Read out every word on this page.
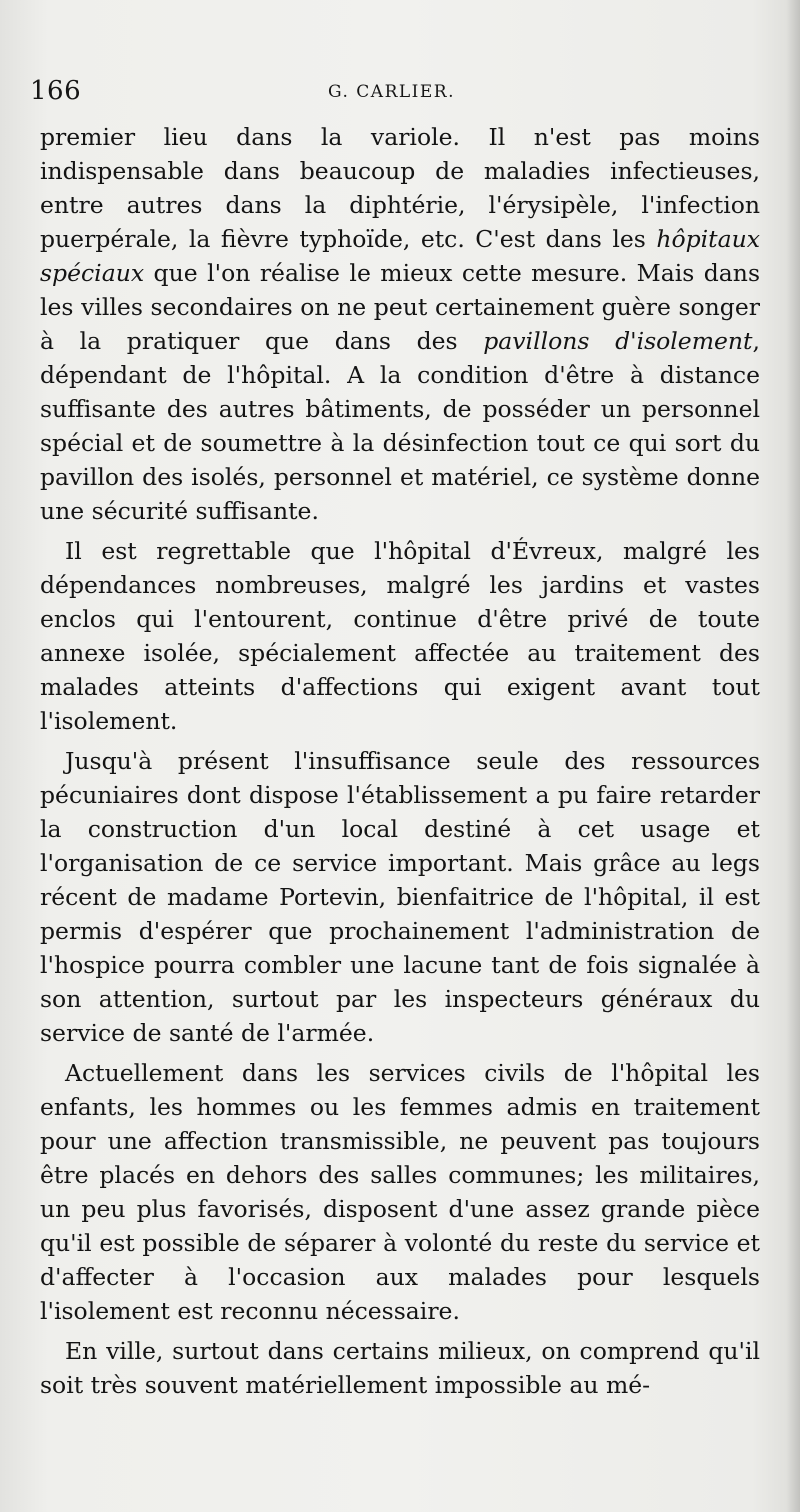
166	G. CARLIER.

premier lieu dans la variole. Il n'est pas moins indispensable dans beaucoup de maladies infectieuses, entre autres dans la diphtérie, l'érysipèle, l'infection puerpérale, la fièvre typhoïde, etc. C'est dans les hôpitaux spéciaux que l'on réalise le mieux cette mesure. Mais dans les villes secondaires on ne peut certainement guère songer à la pratiquer que dans des pavillons d'isolement, dépendant de l'hôpital. A la condition d'être à distance suffisante des autres bâtiments, de posséder un personnel spécial et de soumettre à la désinfection tout ce qui sort du pavillon des isolés, personnel et matériel, ce système donne une sécurité suffisante.

Il est regrettable que l'hôpital d'Évreux, malgré les dépendances nombreuses, malgré les jardins et vastes enclos qui l'entourent, continue d'être privé de toute annexe isolée, spécialement affectée au traitement des malades atteints d'affections qui exigent avant tout l'isolement.

Jusqu'à présent l'insuffisance seule des ressources pécuniaires dont dispose l'établissement a pu faire retarder la construction d'un local destiné à cet usage et l'organisation de ce service important. Mais grâce au legs récent de madame Portevin, bienfaitrice de l'hôpital, il est permis d'espérer que prochainement l'administration de l'hospice pourra combler une lacune tant de fois signalée à son attention, surtout par les inspecteurs généraux du service de santé de l'armée.

Actuellement dans les services civils de l'hôpital les enfants, les hommes ou les femmes admis en traitement pour une affection transmissible, ne peuvent pas toujours être placés en dehors des salles communes; les militaires, un peu plus favorisés, disposent d'une assez grande pièce qu'il est possible de séparer à volonté du reste du service et d'affecter à l'occasion aux malades pour lesquels l'isolement est reconnu nécessaire.

En ville, surtout dans certains milieux, on comprend qu'il soit très souvent matériellement impossible au mé-
